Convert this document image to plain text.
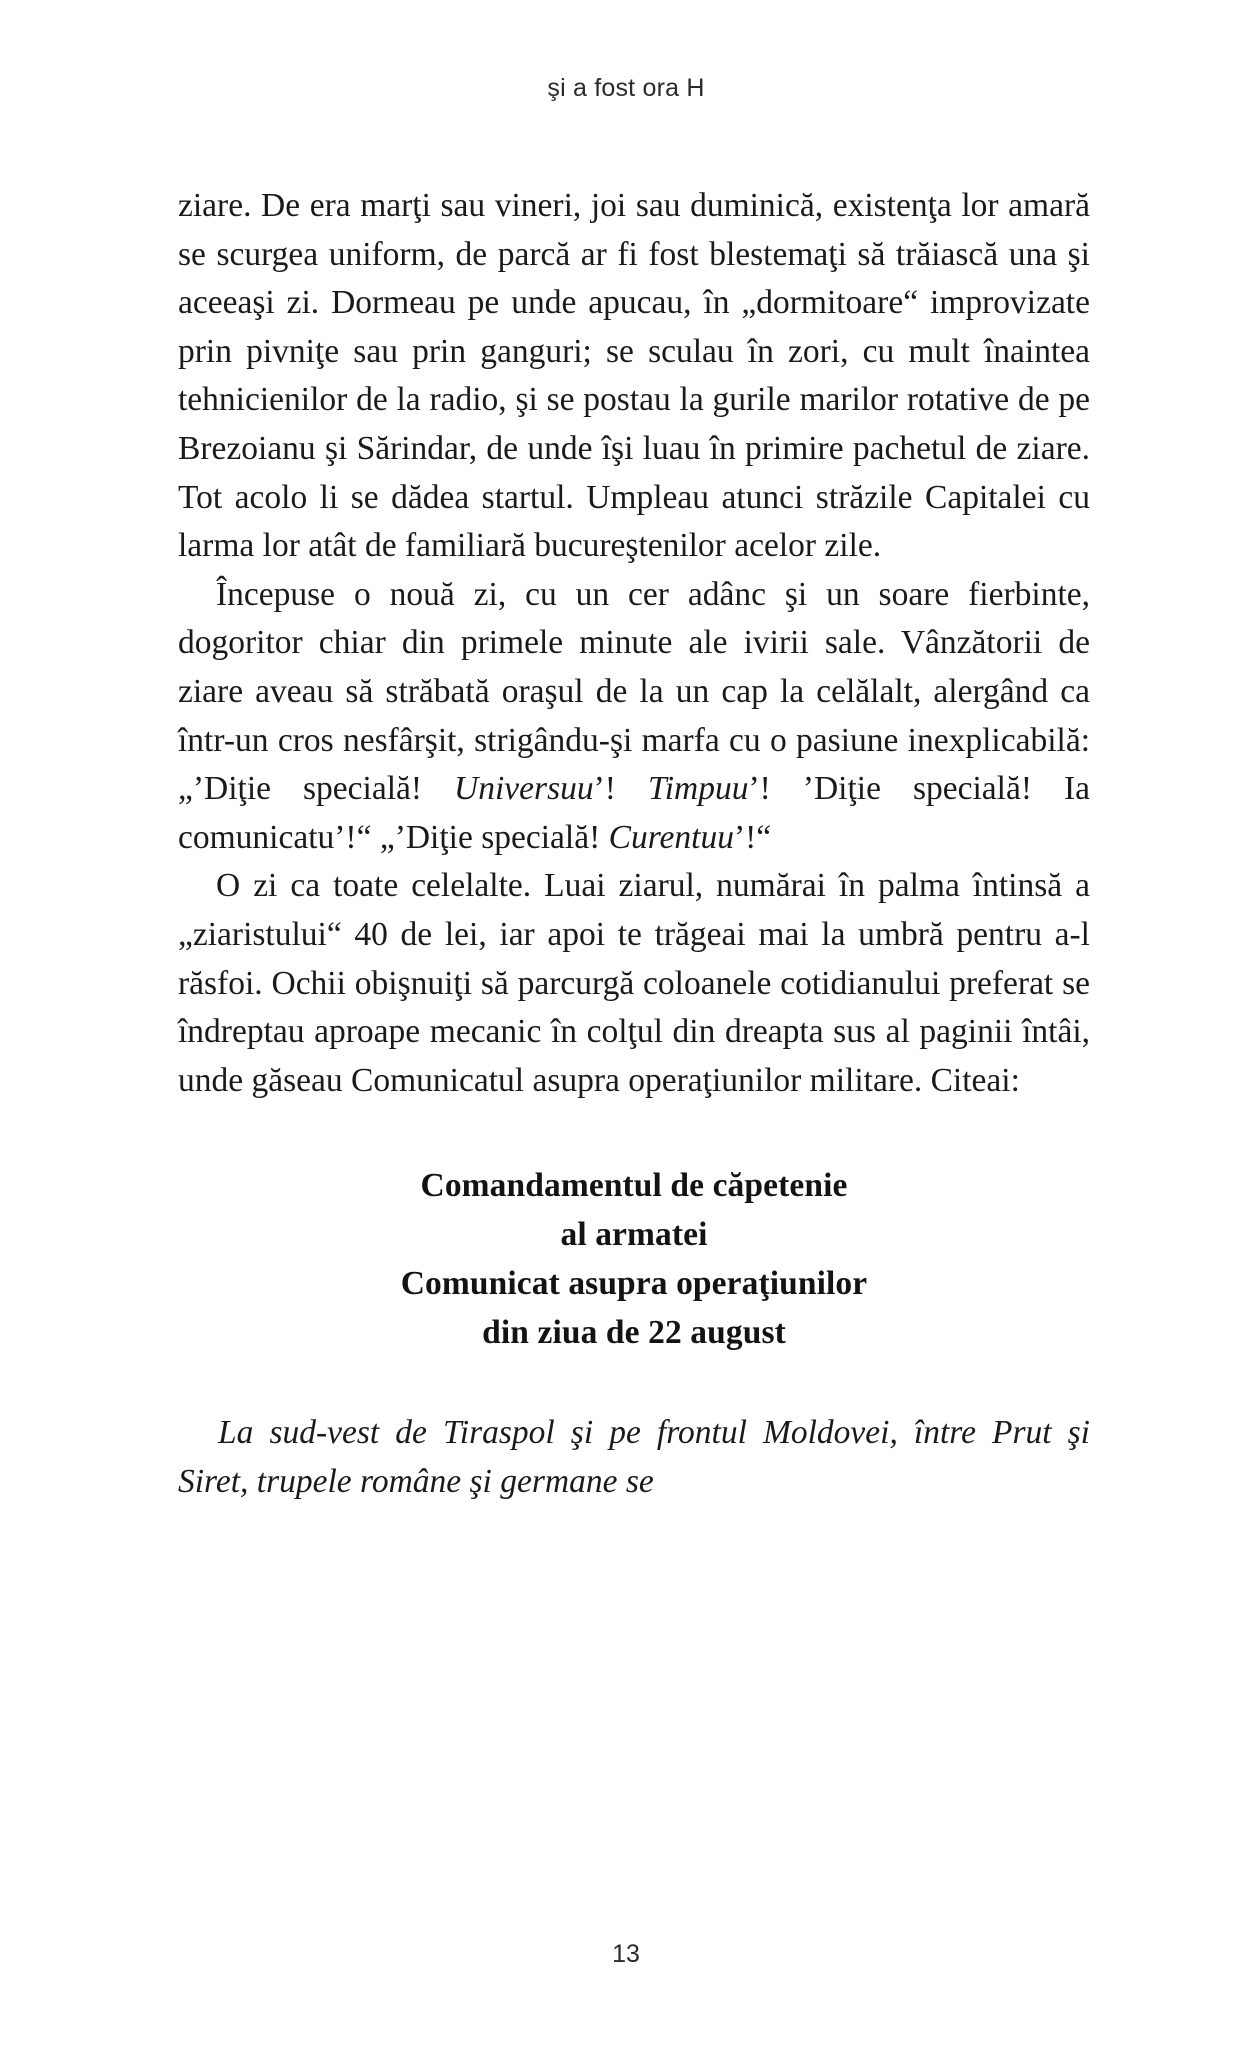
şi a fost ora H

ziare. De era marţi sau vineri, joi sau duminică, existenţa lor amară se scurgea uniform, de parcă ar fi fost blestemaţi să trăiască una şi aceeaşi zi. Dormeau pe unde apucau, în „dormitoare“ improvizate prin pivniţe sau prin ganguri; se sculau în zori, cu mult înaintea tehnicienilor de la radio, şi se postau la gurile marilor rotative de pe Brezoianu şi Sărindar, de unde îşi luau în primire pachetul de ziare. Tot acolo li se dădea startul. Umpleau atunci străzile Capitalei cu larma lor atât de familiară bucureştenilor acelor zile.

Începuse o nouă zi, cu un cer adânc şi un soare fierbinte, dogoritor chiar din primele minute ale ivirii sale. Vânzătorii de ziare aveau să străbată oraşul de la un cap la celălalt, alergând ca într-un cros nesfârşit, strigându-şi marfa cu o pasiune inexplicabilă: „’Diţie specială! Universuu’! Timpuu’! ’Diţie specială! Ia comunicatu’!“ „’Diţie specială! Curentuu’!“

O zi ca toate celelalte. Luai ziarul, numărai în palma întinsă a „ziaristului“ 40 de lei, iar apoi te trăgeai mai la umbră pentru a-l răsfoi. Ochii obişnuiţi să parcurgă coloanele cotidianului preferat se îndreptau aproape mecanic în colţul din dreapta sus al paginii întâi, unde găseau Comunicatul asupra operaţiunilor militare. Citeai:

Comandamentul de căpetenie
al armatei
Comunicat asupra operaţiunilor
din ziua de 22 august

La sud-vest de Tiraspol şi pe frontul Moldovei, între Prut şi Siret, trupele române şi germane se

13
